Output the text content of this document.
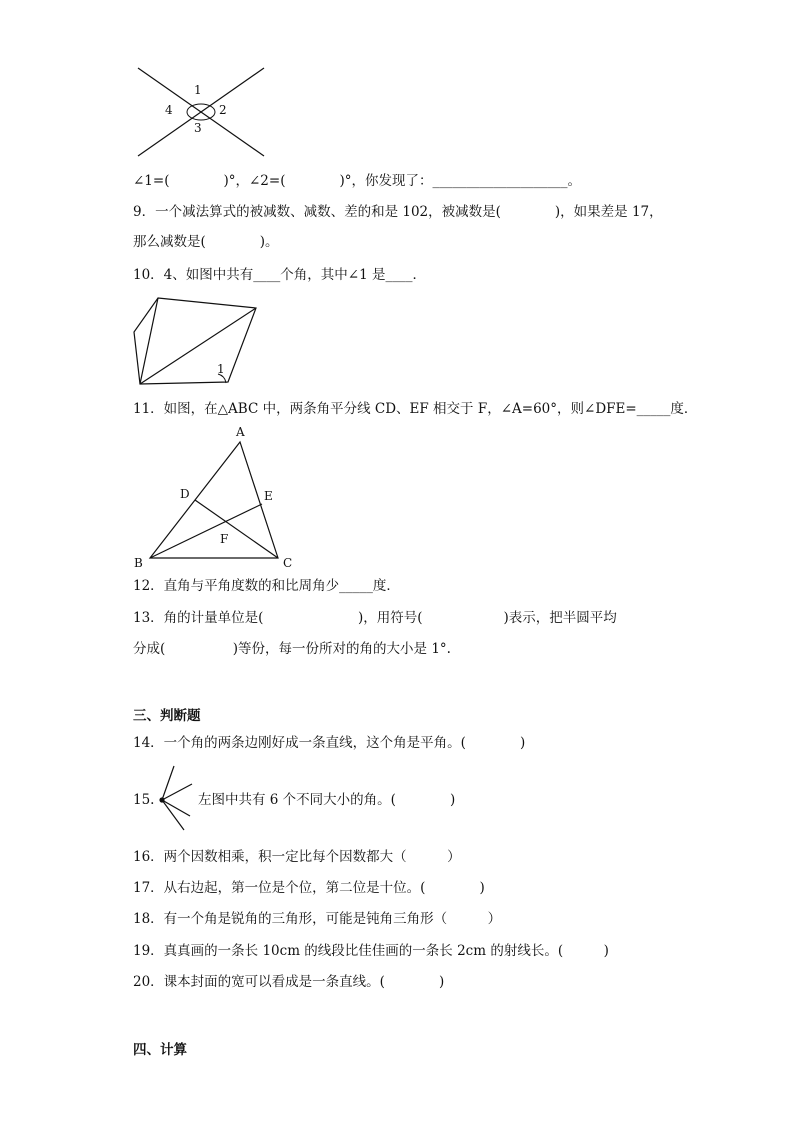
1
2
3
4
∠1=(　　　　)°，∠2=(　　　　)°，你发现了：____________________。
9．一个减法算式的被减数、减数、差的和是 102，被减数是(　　　　)，如果差是 17，
那么减数是(　　　　)。
10．4、如图中共有____个角，其中∠1 是____．
1
11．如图，在△ABC 中，两条角平分线 CD、EF 相交于 F，∠A=60°，则∠DFE=_____度．
A
B	C
D	E
F
12．直角与平角度数的和比周角少_____度．
13．角的计量单位是(　　　　　　　)，用符号(　　　　　　)表示，把半圆平均
分成(　　　　　)等份，每一份所对的角的大小是 1°.
三、判断题
14．一个角的两条边刚好成一条直线，这个角是平角。(　　　　)
15.	左图中共有 6 个不同大小的角。(　　　　)
16．两个因数相乘，积一定比每个因数都大（　　　）
17．从右边起，第一位是个位，第二位是十位。(　　　　)
18．有一个角是锐角的三角形，可能是钝角三角形（　　　）
19．真真画的一条长 10cm 的线段比佳佳画的一条长 2cm 的射线长。(　　　)
20．课本封面的宽可以看成是一条直线。(　　　　)
四、计算
